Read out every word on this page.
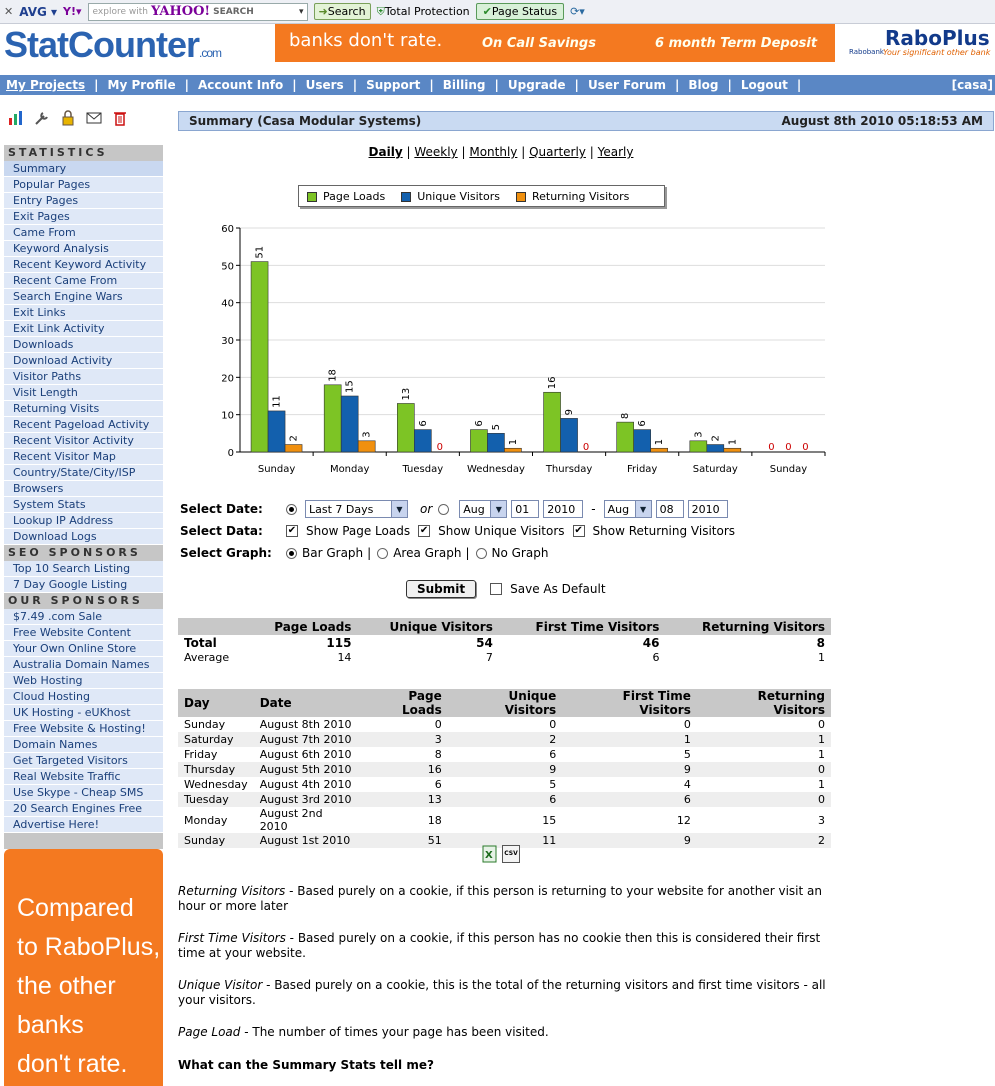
✕ AVG ▾ Y!▾ explore with YAHOO! SEARCH	▾ ➜ Search ⛨ Total Protection ✔ Page Status ⟳▾
StatCounter.com
banks don't rate.	On Call Savings	6 month Term Deposit	RaboPlus
Rabobank Your significant other bank
My Projects | My Profile | Account Info | Users | Support | Billing | Upgrade | User Forum | Blog | Logout |	[casa]
STATISTICS
Summary
Popular Pages
Entry Pages
Exit Pages
Came From
Keyword Analysis
Recent Keyword Activity
Recent Came From
Search Engine Wars
Exit Links
Exit Link Activity
Downloads
Download Activity
Visitor Paths
Visit Length
Returning Visits
Recent Pageload Activity
Recent Visitor Activity
Recent Visitor Map
Country/State/City/ISP
Browsers
System Stats
Lookup IP Address
Download Logs
SEO SPONSORS
Top 10 Search Listing
7 Day Google Listing
OUR SPONSORS
$7.49 .com Sale
Free Website Content
Your Own Online Store
Australia Domain Names
Web Hosting
Cloud Hosting
UK Hosting - eUKhost
Free Website & Hosting!
Domain Names
Get Targeted Visitors
Real Website Traffic
Use Skype - Cheap SMS
20 Search Engines Free
Advertise Here!
Compared
to RaboPlus,
the other
banks
don't rate.
Summary (Casa Modular Systems)	August 8th 2010 05:18:53 AM
Daily | Weekly | Monthly | Quarterly | Yearly
Page Loads	Unique Visitors	Returning Visitors
0
10
20
30
40
50
60
51
11
2
Sunday
18
15
3
Monday
13
6
0
Tuesday
6
5
1
Wednesday
16
9
0
Thursday
8
6
1
Friday
3
2
1
Saturday
0 0 0
Sunday
Select Date:	Last 7 Days	▼	or	Aug	▼	01	2010	- Aug	▼	08	2010
Select Data:	✔ Show Page Loads ✔ Show Unique Visitors ✔ Show Returning Visitors
Select Graph:	Bar Graph | Area Graph | No Graph
Submit	Save As Default
	Page Loads	Unique Visitors	First Time Visitors	Returning Visitors
Total	115	54	46	8
Average	14	7	6	1
Day	Date	Page Loads	Unique Visitors	First Time Visitors	Returning Visitors
Sunday	August 8th 2010	0	0	0	0
Saturday	August 7th 2010	3	2	1	1
Friday	August 6th 2010	8	6	5	1
Thursday	August 5th 2010	16	9	9	0
Wednesday	August 4th 2010	6	5	4	1
Tuesday	August 3rd 2010	13	6	6	0
Monday	August 2nd 2010	18	15	12	3
Sunday	August 1st 2010	51	11	9	2
X CSV
Returning Visitors - Based purely on a cookie, if this person is returning to your website for another visit an hour or more later
First Time Visitors - Based purely on a cookie, if this person has no cookie then this is considered their first time at your website.
Unique Visitor - Based purely on a cookie, this is the total of the returning visitors and first time visitors - all your visitors.
Page Load - The number of times your page has been visited.
What can the Summary Stats tell me?
